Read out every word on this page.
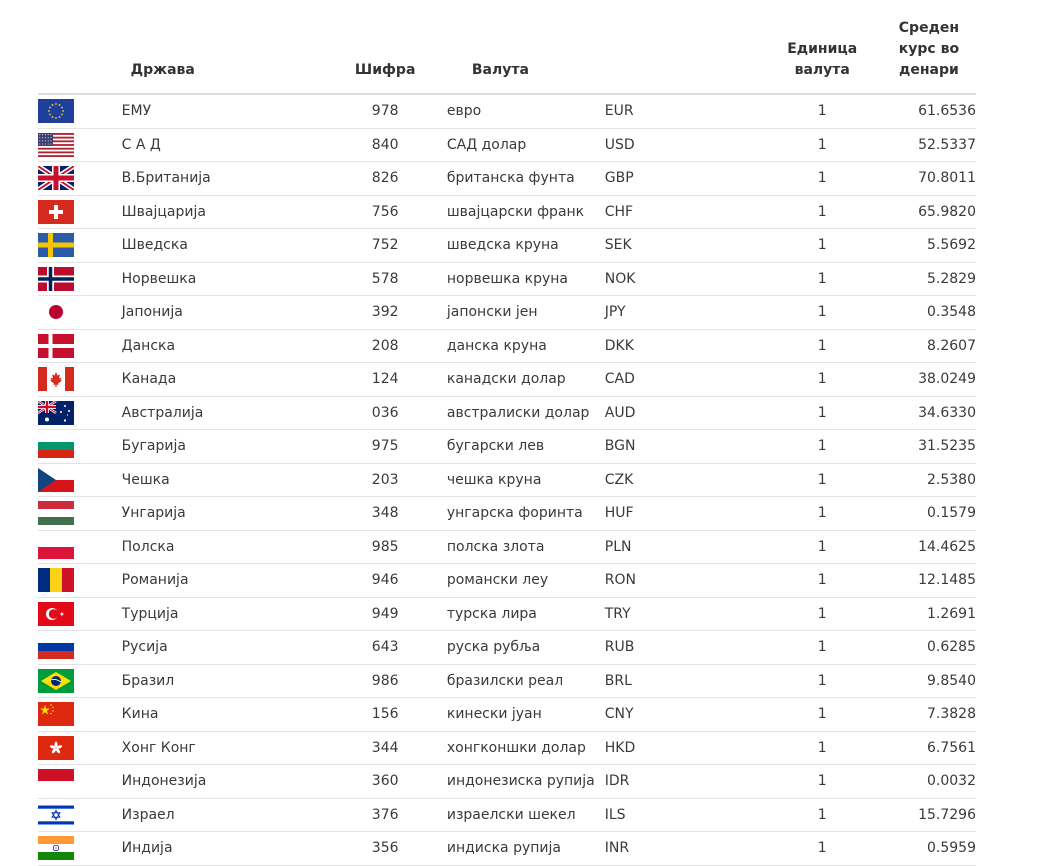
	Држава	Шифра	Валута		Единица
валута	Среден
курс во
денари

	ЕМУ	978	евро	EUR	1	61.6536

	С А Д	840	САД долар	USD	1	52.5337

	В.Британија	826	британска фунта	GBP	1	70.8011

	Швајцарија	756	швајцарски франк	CHF	1	65.9820

	Шведска	752	шведска круна	SEK	1	5.5692

	Норвешка	578	норвешка круна	NOK	1	5.2829

	Јапонија	392	јапонски јен	JPY	1	0.3548

	Данска	208	данска круна	DKK	1	8.2607

	Канада	124	канадски долар	CAD	1	38.0249

	Австралија	036	австралиски долар	AUD	1	34.6330

	Бугарија	975	бугарски лев	BGN	1	31.5235

	Чешка	203	чешка круна	CZK	1	2.5380

	Унгарија	348	унгарска форинта	HUF	1	0.1579

	Полска	985	полска злота	PLN	1	14.4625

	Романија	946	романски леу	RON	1	12.1485

	Турција	949	турска лира	TRY	1	1.2691

	Русија	643	руска рубља	RUB	1	0.6285

	Бразил	986	бразилски реал	BRL	1	9.8540

	Кина	156	кинески јуан	CNY	1	7.3828

	Хонг Конг	344	хонгконшки долар	HKD	1	6.7561

	Индонезија	360	индонезиска рупија	IDR	1	0.0032

	Израел	376	израелски шекел	ILS	1	15.7296

	Индија	356	индиска рупија	INR	1	0.5959
